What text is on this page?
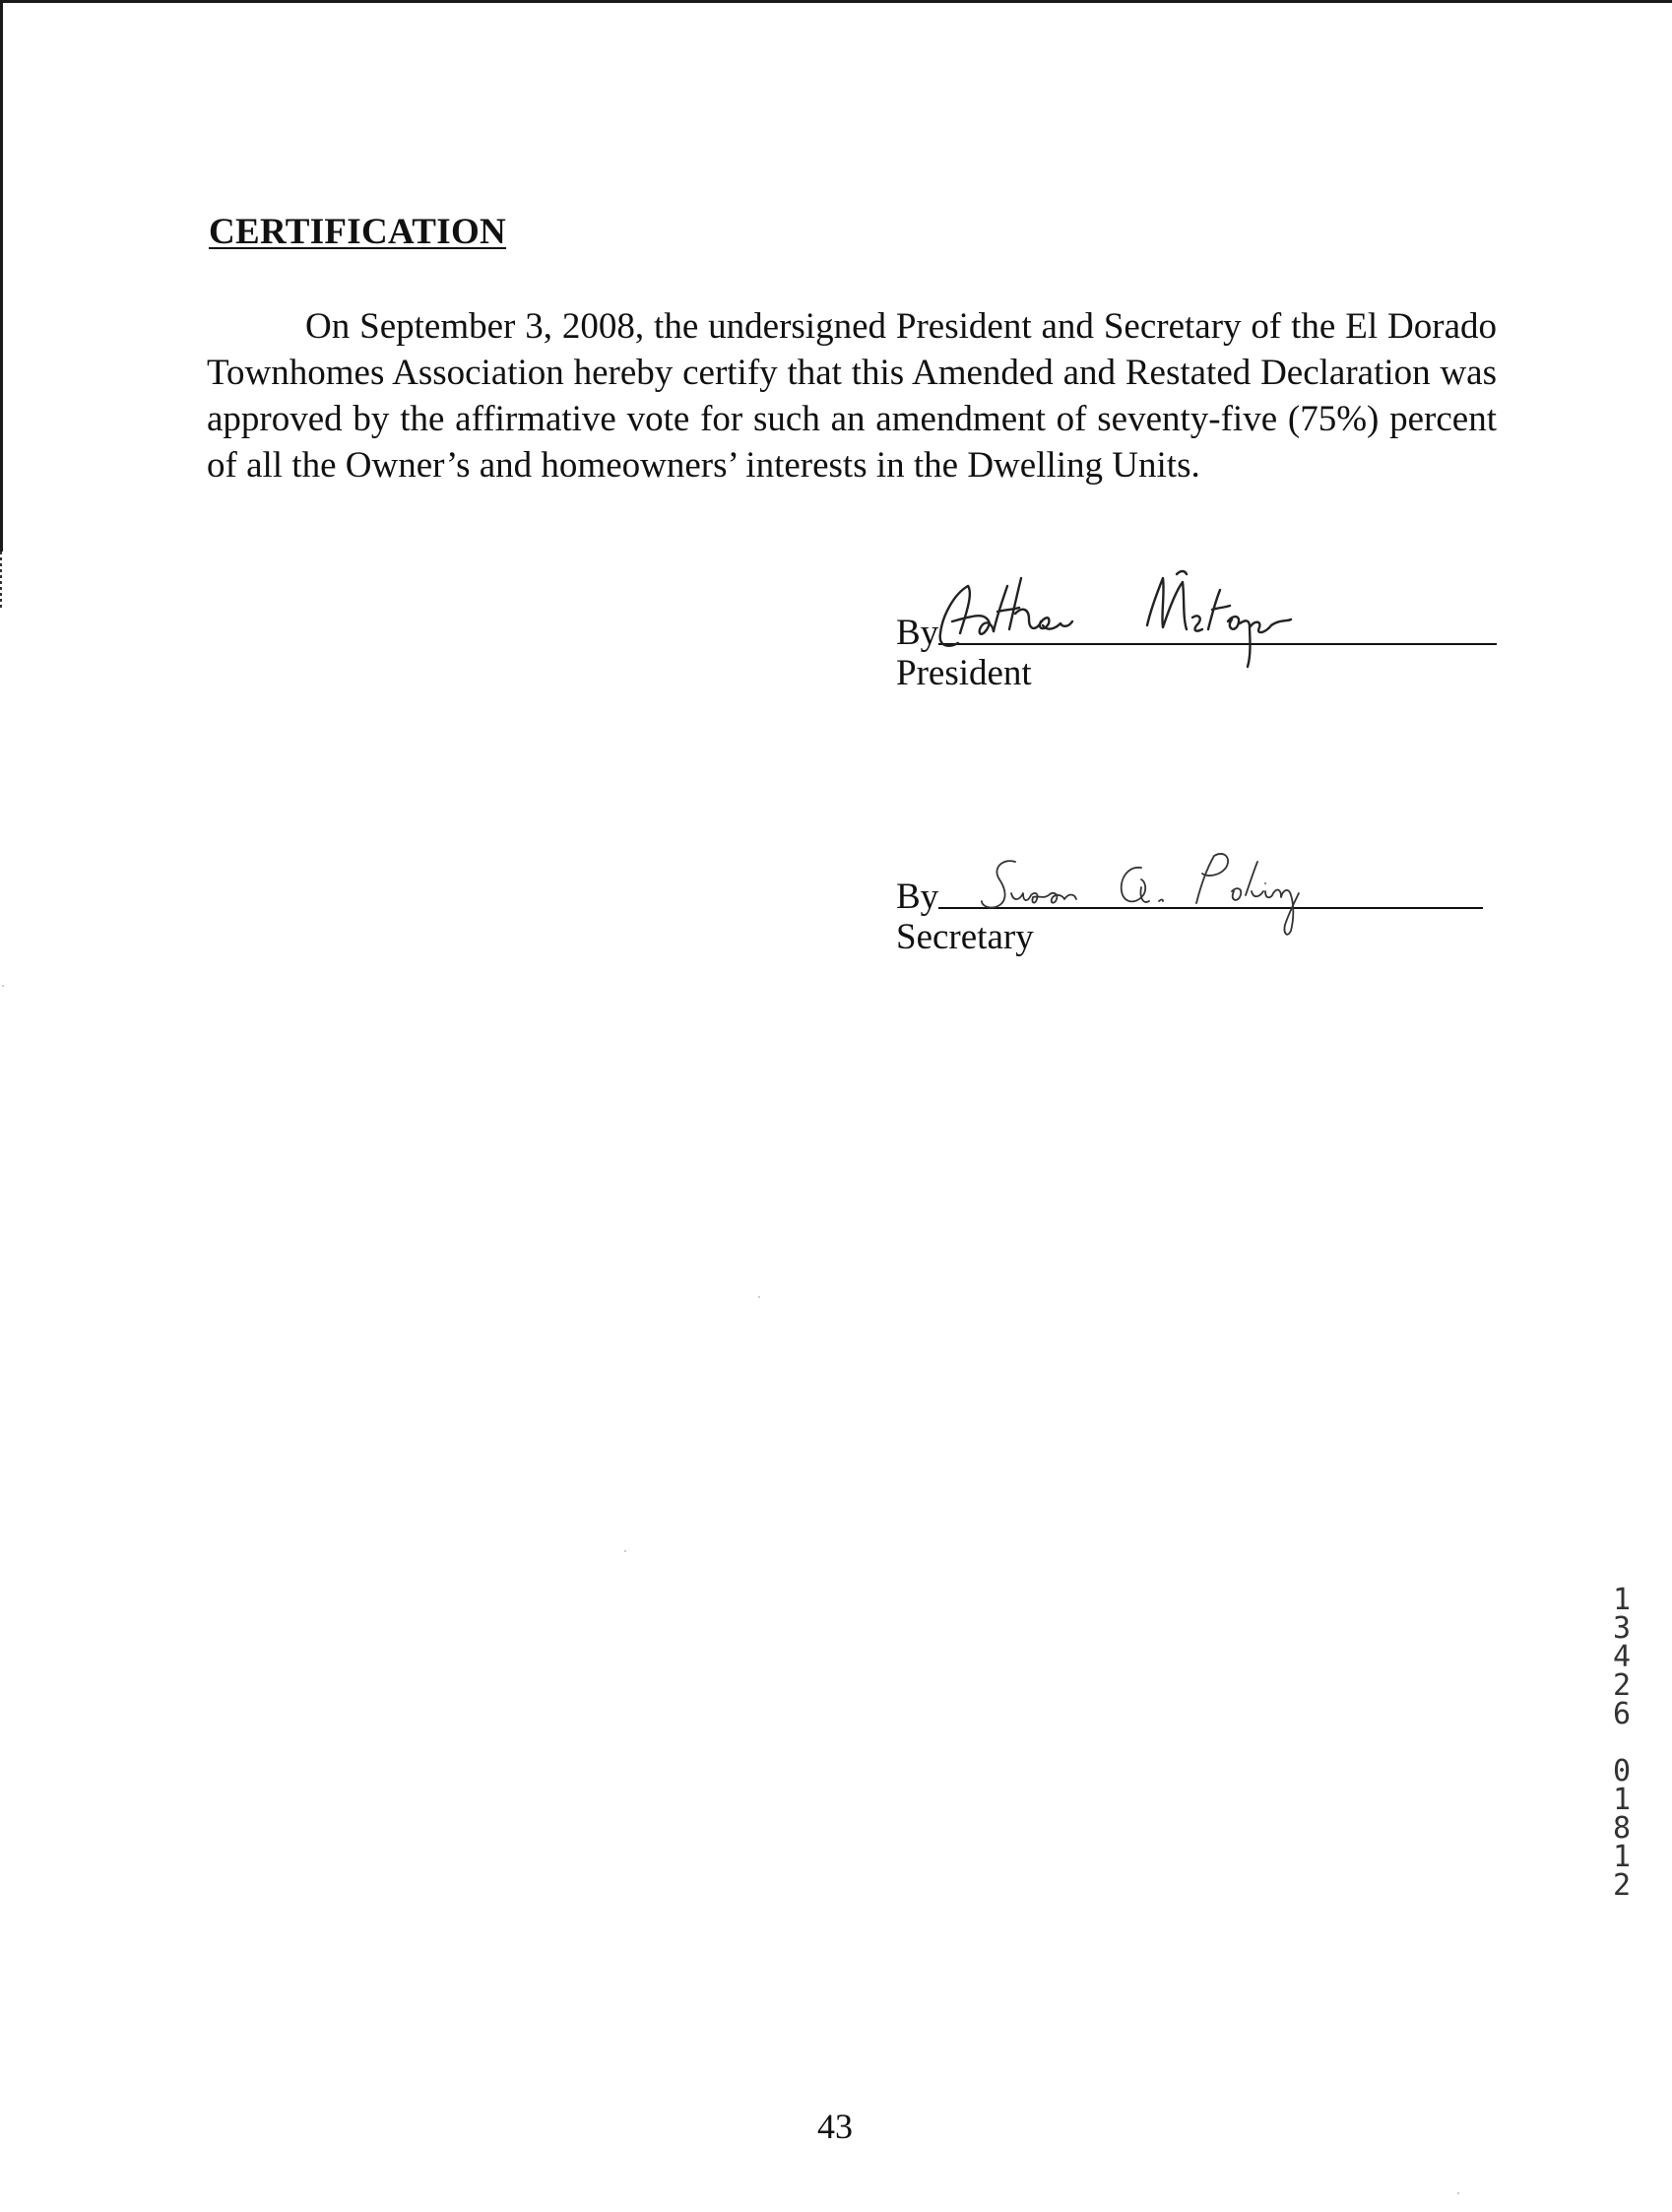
CERTIFICATION
On September 3, 2008, the undersigned President and Secretary of the El Dorado Townhomes Association hereby certify that this Amended and Restated Declaration was approved by the affirmative vote for such an amendment of seventy-five (75%) percent of all the Owner’s and homeowners’ interests in the Dwelling Units.
By
President
By
Secretary
1
3
4
2
6

0
1
8
1
2
43
